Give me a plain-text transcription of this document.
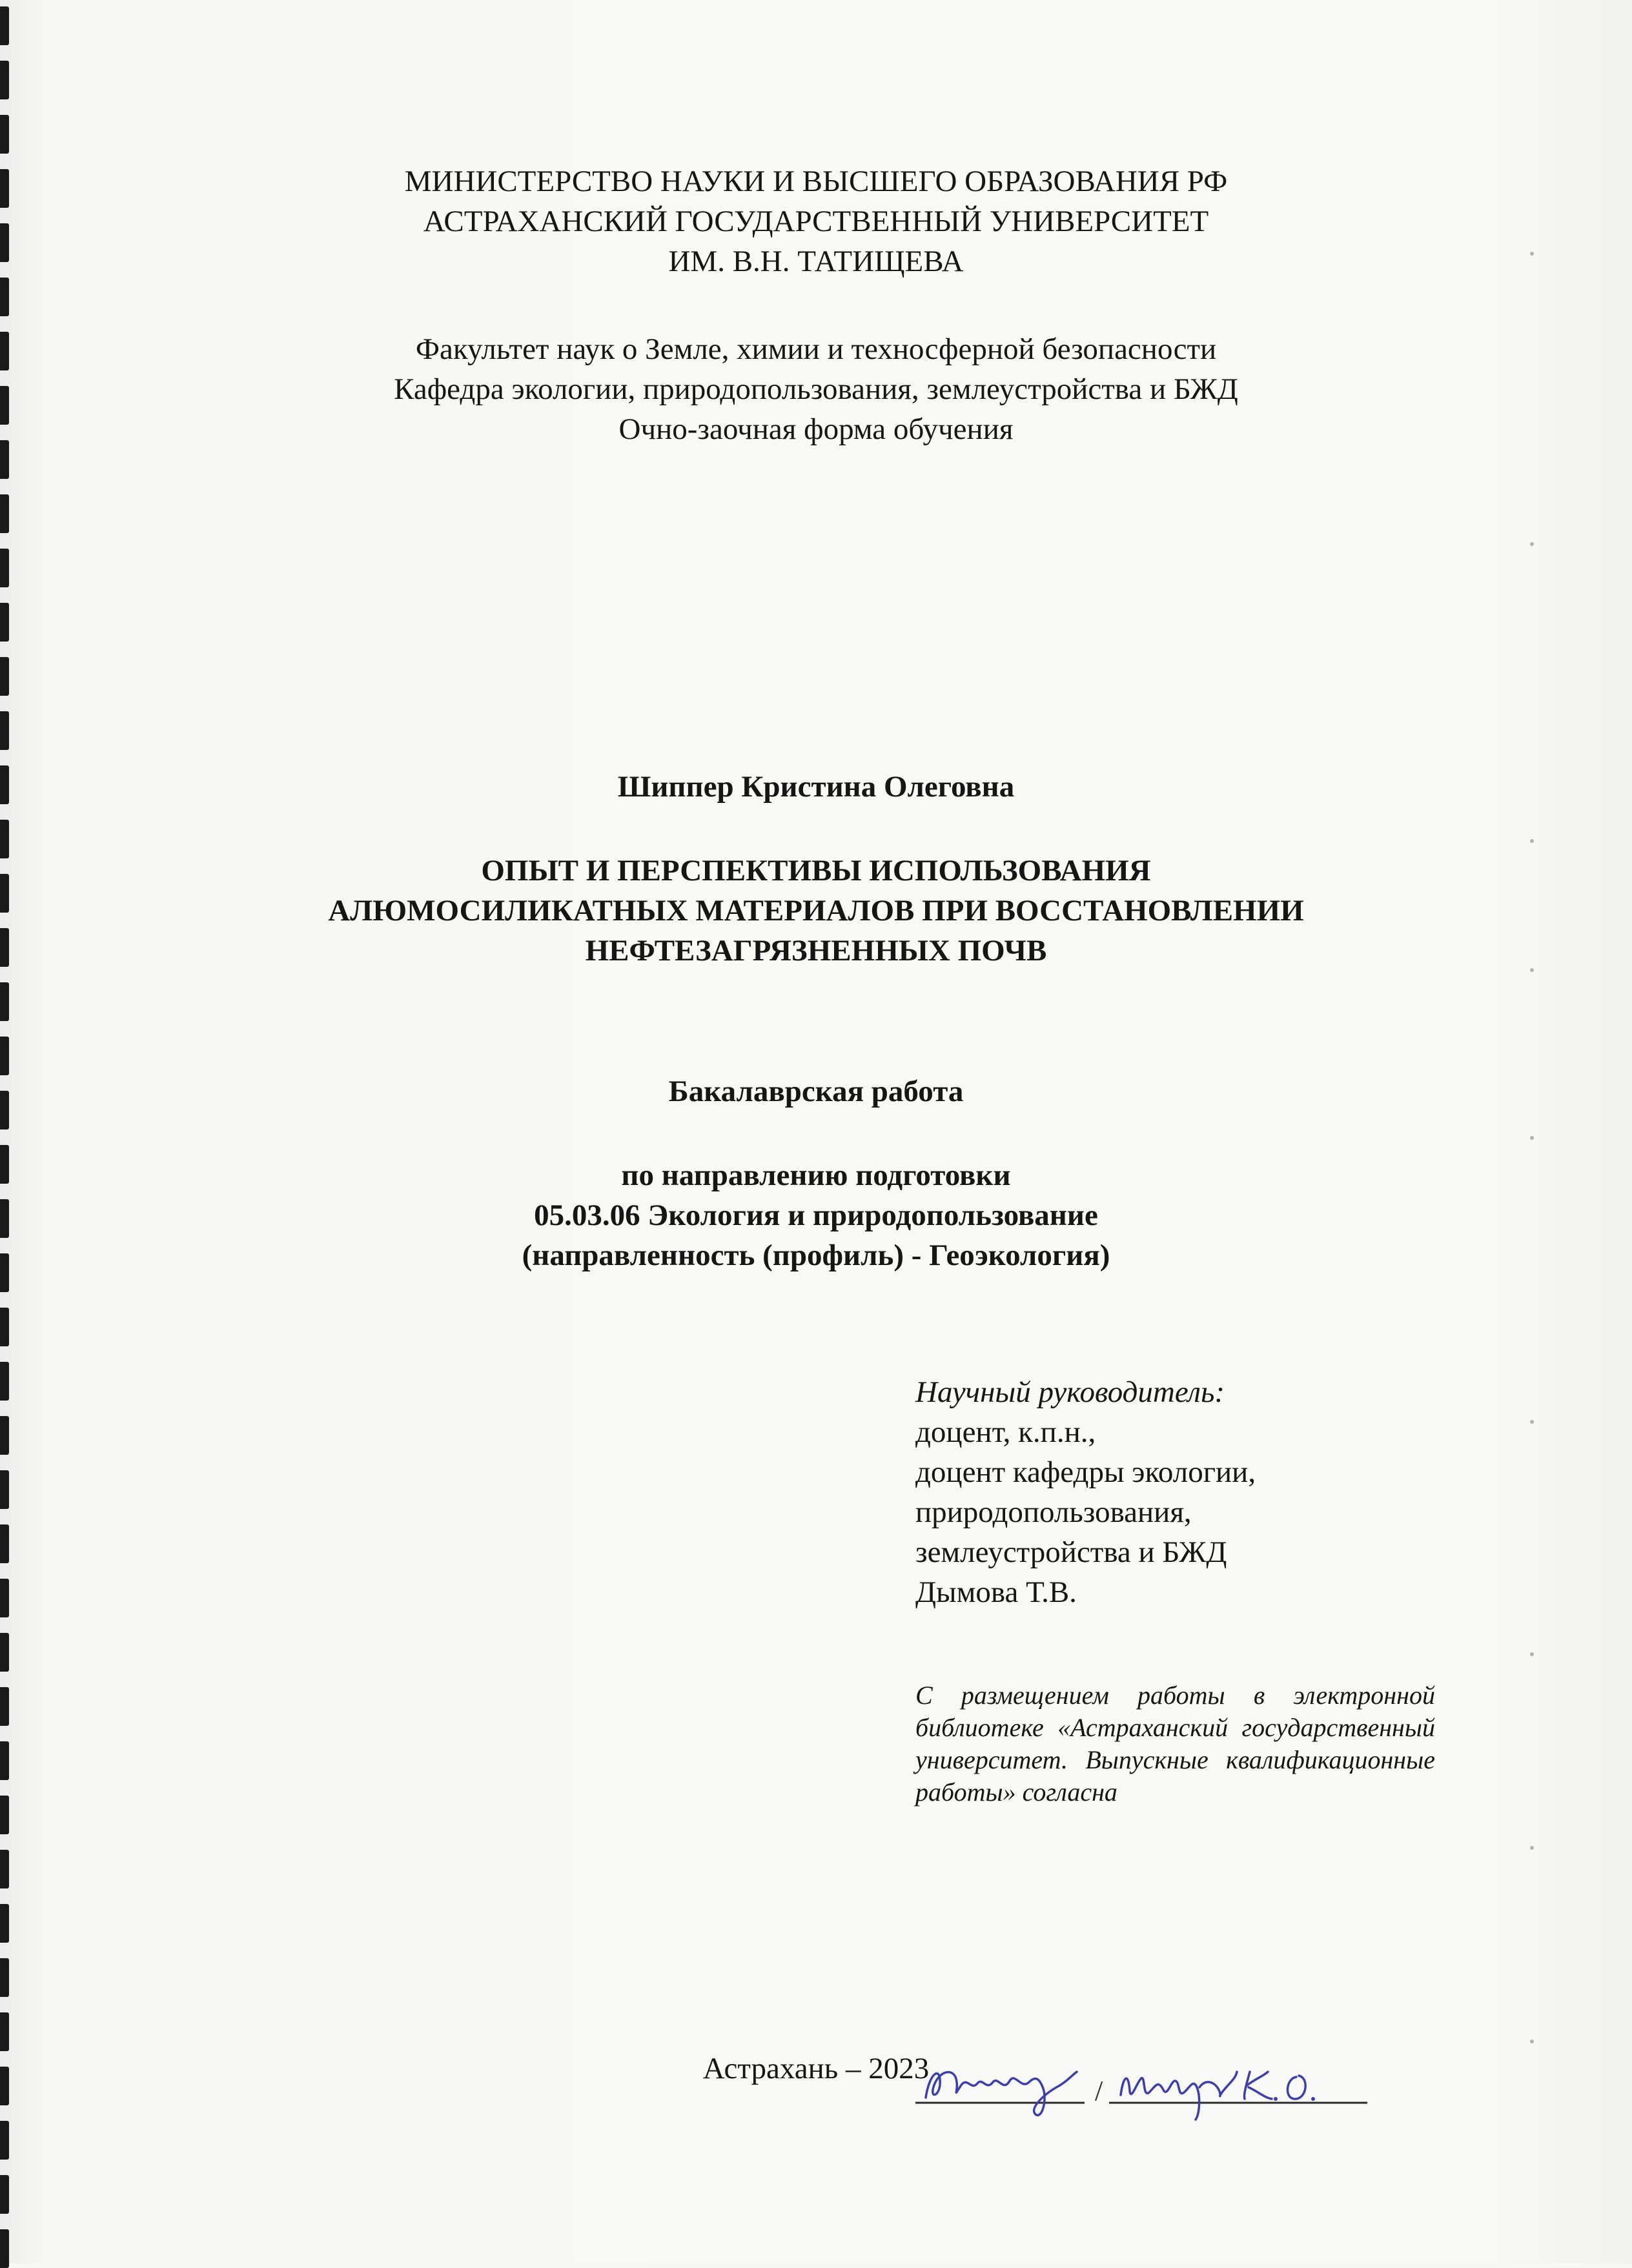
МИНИСТЕРСТВО НАУКИ И ВЫСШЕГО ОБРАЗОВАНИЯ РФ
АСТРАХАНСКИЙ ГОСУДАРСТВЕННЫЙ УНИВЕРСИТЕТ
ИМ. В.Н. ТАТИЩЕВА
Факультет наук о Земле, химии и техносферной безопасности
Кафедра экологии, природопользования, землеустройства и БЖД
Очно-заочная форма обучения
Шиппер Кристина Олеговна
ОПЫТ И ПЕРСПЕКТИВЫ ИСПОЛЬЗОВАНИЯ
АЛЮМОСИЛИКАТНЫХ МАТЕРИАЛОВ ПРИ ВОССТАНОВЛЕНИИ
НЕФТЕЗАГРЯЗНЕННЫХ ПОЧВ
Бакалаврская работа
по направлению подготовки
05.03.06 Экология и природопользование
(направленность (профиль) - Геоэкология)
Научный руководитель:
доцент, к.п.н.,
доцент кафедры экологии,
природопользования,
землеустройства и БЖД
Дымова Т.В.
С размещением работы в электронной библиотеке «Астраханский государственный университет. Выпускные квалификационные работы» согласна
/
Астрахань – 2023
